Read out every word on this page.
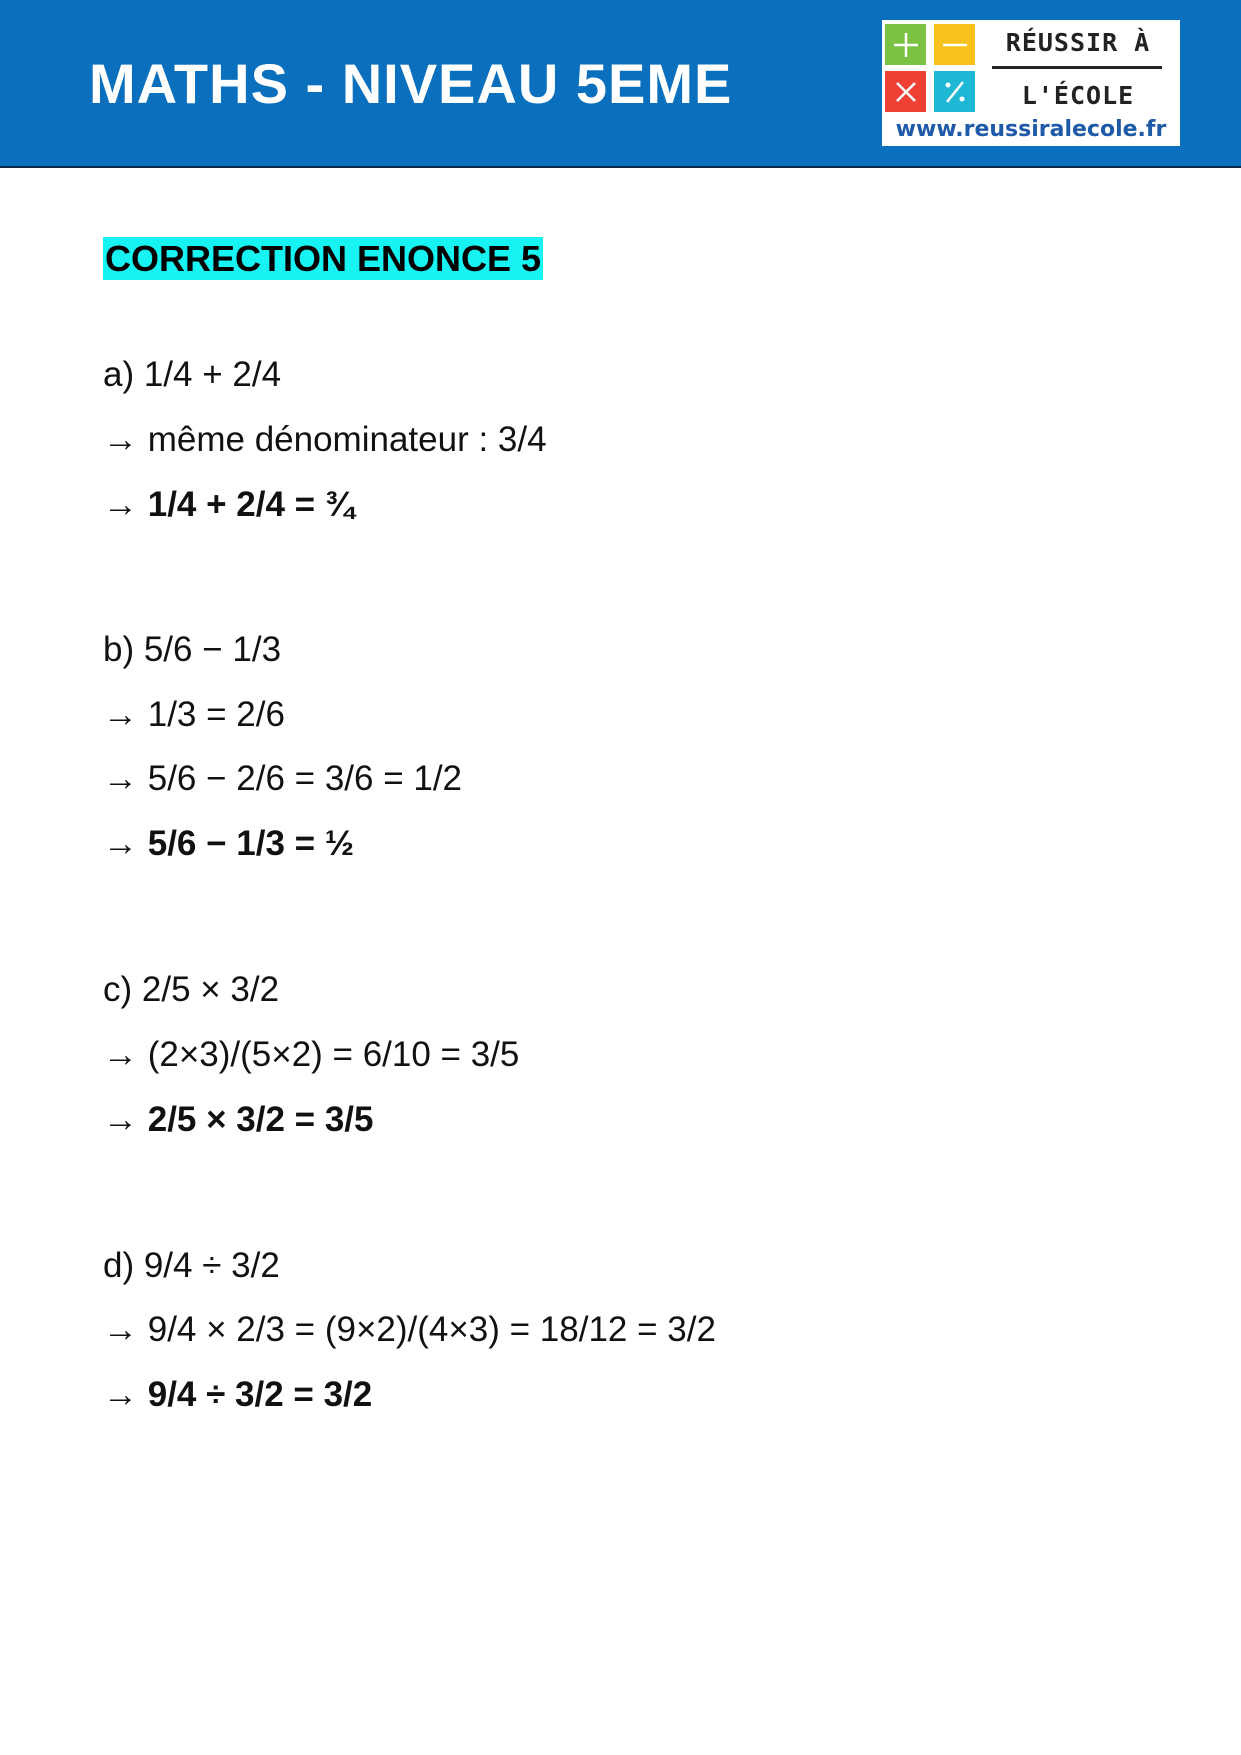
MATHS - NIVEAU 5EME
RÉUSSIR À
L'ÉCOLE
www.reussiralecole.fr
CORRECTION ENONCE 5
a) 1/4 + 2/4
→ même dénominateur : 3/4
→ 1/4 + 2/4 = ¾
b) 5/6 − 1/3
→ 1/3 = 2/6
→ 5/6 − 2/6 = 3/6 = 1/2
→ 5/6 − 1/3 = ½
c) 2/5 × 3/2
→ (2×3)/(5×2) = 6/10 = 3/5
→ 2/5 × 3/2 = 3/5
d) 9/4 ÷ 3/2
→ 9/4 × 2/3 = (9×2)/(4×3) = 18/12 = 3/2
→ 9/4 ÷ 3/2 = 3/2
